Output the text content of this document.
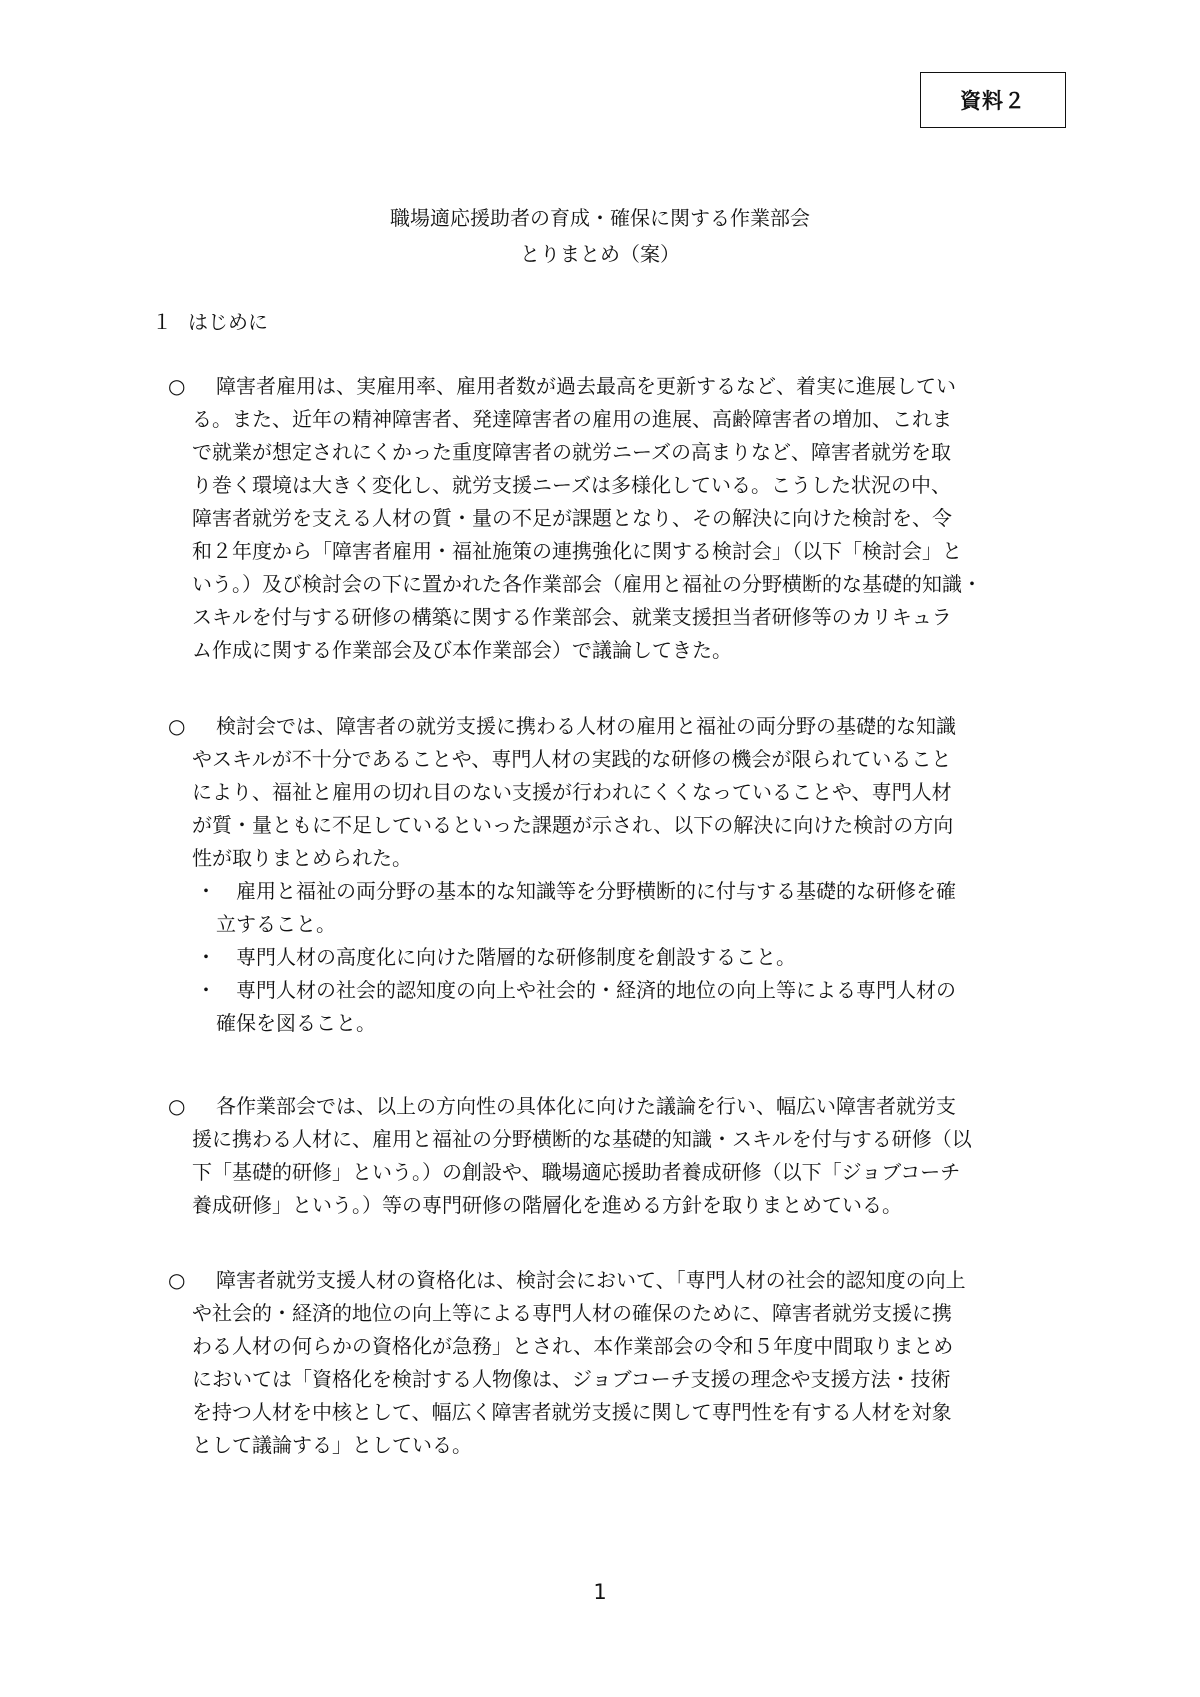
資料２
職場適応援助者の育成・確保に関する作業部会
とりまとめ（案）
１ はじめに
○	障害者雇用は、実雇用率、雇用者数が過去最高を更新するなど、着実に進展してい
る。また、近年の精神障害者、発達障害者の雇用の進展、高齢障害者の増加、これま
で就業が想定されにくかった重度障害者の就労ニーズの高まりなど、障害者就労を取
り巻く環境は大きく変化し、就労支援ニーズは多様化している。こうした状況の中、
障害者就労を支える人材の質・量の不足が課題となり、その解決に向けた検討を、令
和２年度から「障害者雇用・福祉施策の連携強化に関する検討会」（以下「検討会」と
いう。）及び検討会の下に置かれた各作業部会（雇用と福祉の分野横断的な基礎的知識・
スキルを付与する研修の構築に関する作業部会、就業支援担当者研修等のカリキュラ
ム作成に関する作業部会及び本作業部会）で議論してきた。
○	検討会では、障害者の就労支援に携わる人材の雇用と福祉の両分野の基礎的な知識
やスキルが不十分であることや、専門人材の実践的な研修の機会が限られていること
により、福祉と雇用の切れ目のない支援が行われにくくなっていることや、専門人材
が質・量ともに不足しているといった課題が示され、以下の解決に向けた検討の方向
性が取りまとめられた。
・	雇用と福祉の両分野の基本的な知識等を分野横断的に付与する基礎的な研修を確
立すること。
・	専門人材の高度化に向けた階層的な研修制度を創設すること。
・	専門人材の社会的認知度の向上や社会的・経済的地位の向上等による専門人材の
確保を図ること。
○	各作業部会では、以上の方向性の具体化に向けた議論を行い、幅広い障害者就労支
援に携わる人材に、雇用と福祉の分野横断的な基礎的知識・スキルを付与する研修（以
下「基礎的研修」という。）の創設や、職場適応援助者養成研修（以下「ジョブコーチ
養成研修」という。）等の専門研修の階層化を進める方針を取りまとめている。
○	障害者就労支援人材の資格化は、検討会において、「専門人材の社会的認知度の向上
や社会的・経済的地位の向上等による専門人材の確保のために、障害者就労支援に携
わる人材の何らかの資格化が急務」とされ、本作業部会の令和５年度中間取りまとめ
においては「資格化を検討する人物像は、ジョブコーチ支援の理念や支援方法・技術
を持つ人材を中核として、幅広く障害者就労支援に関して専門性を有する人材を対象
として議論する」としている。
1
